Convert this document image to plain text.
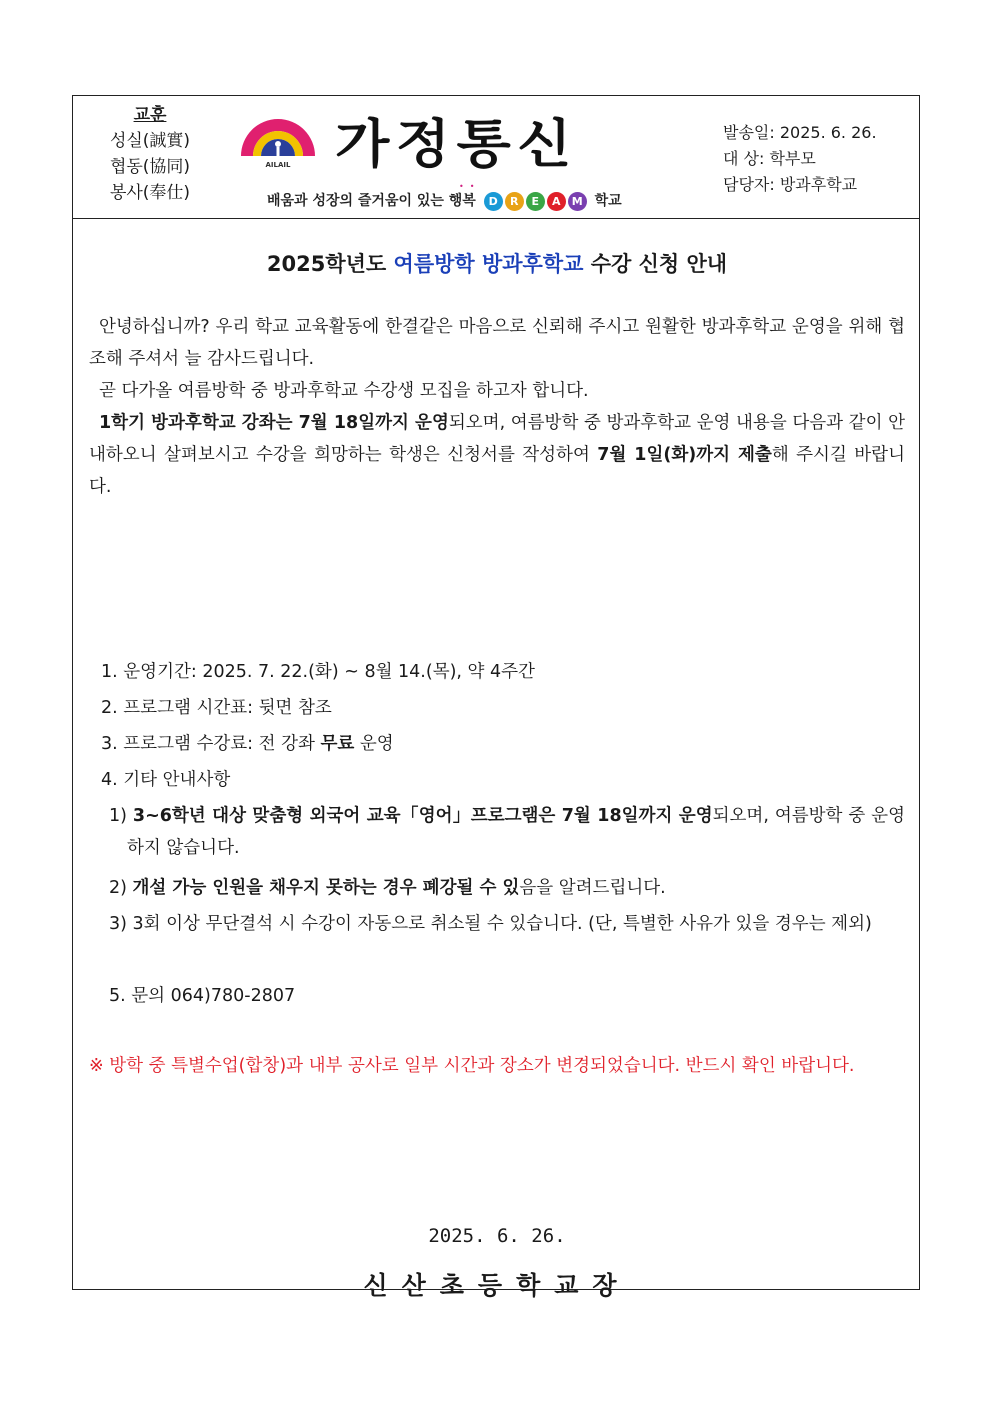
교훈
성실(誠實)
협동(協同)
봉사(奉仕)
AILAIL 가정통신
••
배움과 성장의 즐거움이 있는 행복	D	R	E	A	M 학교
발송일: 2025. 6. 26.
대 상: 학부모
담당자: 방과후학교
2025학년도 여름방학 방과후학교 수강 신청 안내

안녕하십니까? 우리 학교 교육활동에 한결같은 마음으로 신뢰해 주시고 원활한 방과후학교 운영을 위해 협조해 주셔서 늘 감사드립니다.

곧 다가올 여름방학 중 방과후학교 수강생 모집을 하고자 합니다.

1학기 방과후학교 강좌는 7월 18일까지 운영되오며, 여름방학 중 방과후학교 운영 내용을 다음과 같이 안내하오니 살펴보시고 수강을 희망하는 학생은 신청서를 작성하여 7월 1일(화)까지 제출해 주시길 바랍니다.

1. 운영기간: 2025. 7. 22.(화) ~ 8월 14.(목), 약 4주간
2. 프로그램 시간표: 뒷면 참조
3. 프로그램 수강료: 전 강좌 무료 운영
4. 기타 안내사항

1) 3~6학년 대상 맞춤형 외국어 교육「영어」프로그램은 7월 18일까지 운영되오며, 여름방학 중 운영하지 않습니다.

2) 개설 가능 인원을 채우지 못하는 경우 폐강될 수 있음을 알려드립니다.

3) 3회 이상 무단결석 시 수강이 자동으로 취소될 수 있습니다. (단, 특별한 사유가 있을 경우는 제외)

5. 문의 064)780-2807

※ 방학 중 특별수업(합창)과 내부 공사로 일부 시간과 장소가 변경되었습니다. 반드시 확인 바랍니다.

2025. 6. 26.
신산초등학교장
